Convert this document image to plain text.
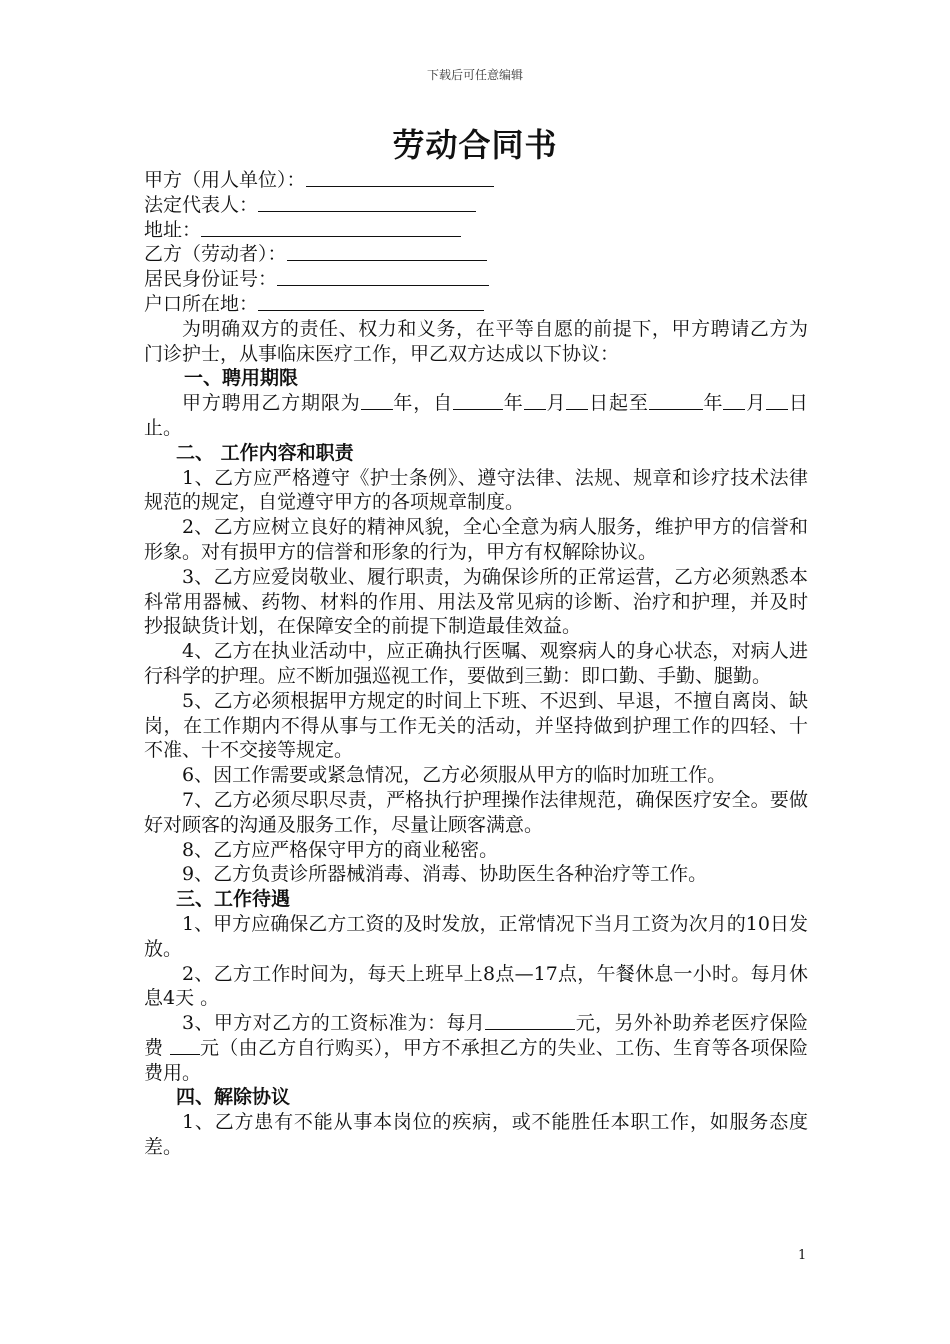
下载后可任意编辑
劳动合同书
甲方（用人单位）：
法定代表人：
地址：
乙方（劳动者）：
居民身份证号：
户口所在地：
为明确双方的责任、权力和义务，在平等自愿的前提下，甲方聘请乙方为门诊护士，从事临床医疗工作，甲乙双方达成以下协议：
一、聘用期限
甲方聘用乙方期限为 年，自	年 月 日起至	年 月 日止。
二、 工作内容和职责
1、乙方应严格遵守《护士条例》、遵守法律、法规、规章和诊疗技术法律规范的规定，自觉遵守甲方的各项规章制度。
2、乙方应树立良好的精神风貌，全心全意为病人服务，维护甲方的信誉和形象。对有损甲方的信誉和形象的行为，甲方有权解除协议。
3、乙方应爱岗敬业、履行职责，为确保诊所的正常运营，乙方必须熟悉本科常用器械、药物、材料的作用、用法及常见病的诊断、治疗和护理，并及时抄报缺货计划，在保障安全的前提下制造最佳效益。
4、乙方在执业活动中，应正确执行医嘱、观察病人的身心状态，对病人进行科学的护理。应不断加强巡视工作，要做到三勤：即口勤、手勤、腿勤。
5、乙方必须根据甲方规定的时间上下班、不迟到、早退，不擅自离岗、缺岗，在工作期内不得从事与工作无关的活动，并坚持做到护理工作的四轻、十不准、十不交接等规定。
6、因工作需要或紧急情况，乙方必须服从甲方的临时加班工作。
7、乙方必须尽职尽责，严格执行护理操作法律规范，确保医疗安全。要做好对顾客的沟通及服务工作，尽量让顾客满意。
8、乙方应严格保守甲方的商业秘密。
9、乙方负责诊所器械消毒、消毒、协助医生各种治疗等工作。
三、工作待遇
1、甲方应确保乙方工资的及时发放，正常情况下当月工资为次月的10日发放。
2、乙方工作时间为，每天上班早上8点—17点，午餐休息一小时。每月休息4天 。
3、甲方对乙方的工资标准为：每月	元，另外补助养老医疗保险费 元（由乙方自行购买），甲方不承担乙方的失业、工伤、生育等各项保险费用。
四、解除协议
1、乙方患有不能从事本岗位的疾病，或不能胜任本职工作，如服务态度差。
1
